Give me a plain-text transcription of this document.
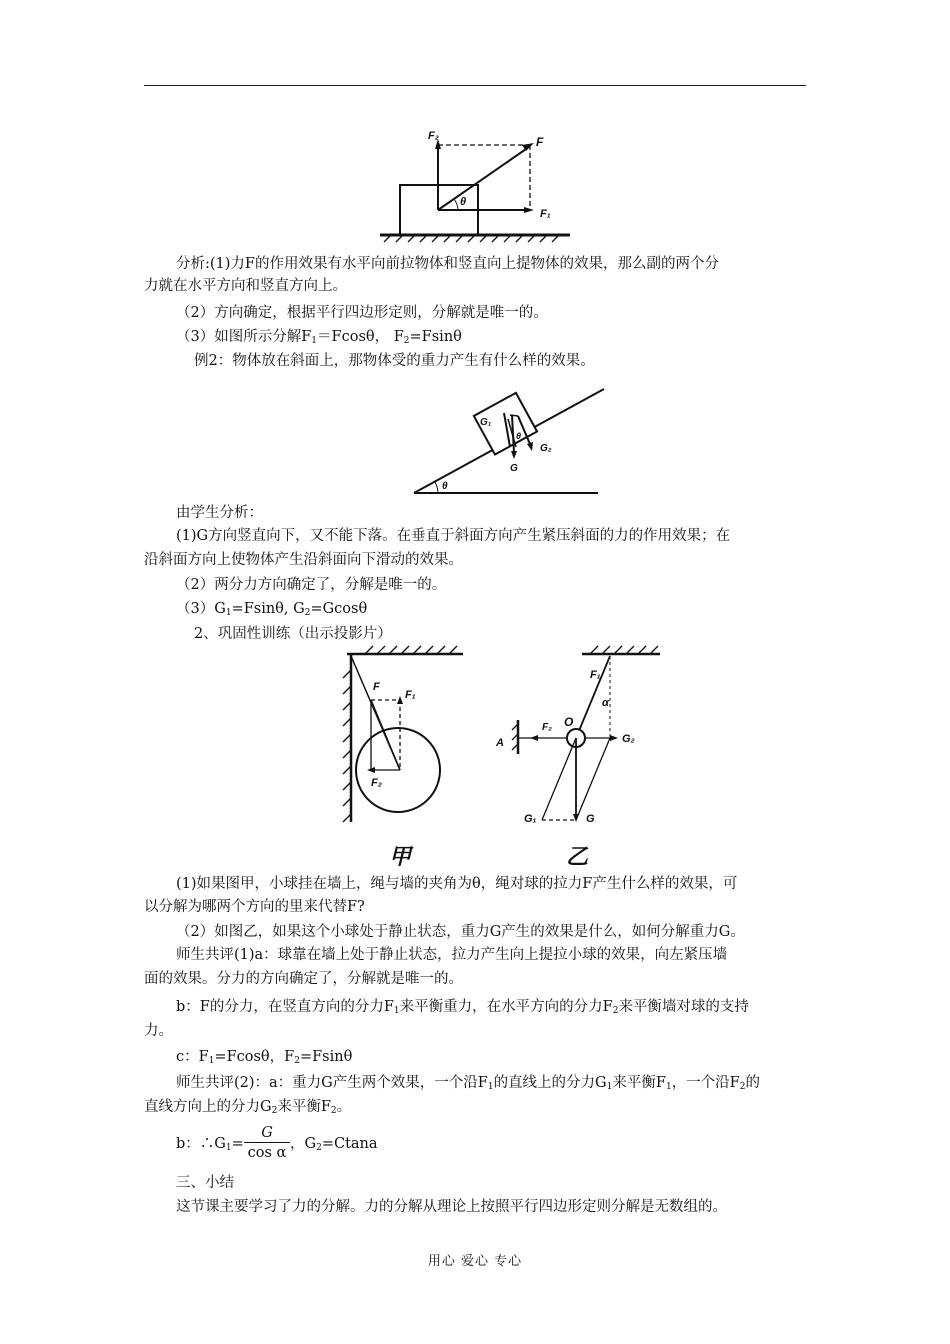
F₂	F
θ
F₁
分析:(1)力F的作用效果有水平向前拉物体和竖直向上提物体的效果，那么副的两个分
力就在水平方向和竖直方向上。
（2）方向确定，根据平行四边形定则，分解就是唯一的。
（3）如图所示分解$F_1=Fcos\theta$， $F_2=Fsin\theta$
例2：物体放在斜面上，那物体受的重力产生有什么样的效果。
θ
G₁
θ
G₂
G
由学生分析：
(1)G方向竖直向下，又不能下落。在垂直于斜面方向产生紧压斜面的力的作用效果；在
沿斜面方向上使物体产生沿斜面向下滑动的效果。
（2）两分力方向确定了，分解是唯一的。
$(3)G_1=Fsin\theta$, $G_2=Gcos\theta$
2、巩固性训练（出示投影片）
F
F₁
F₂
甲
F₁
α
F₂ O
G₂
A
G₁	G
乙
(1)如果图甲，小球挂在墙上，绳与墙的夹角为θ，绳对球的拉力F产生什么样的效果，可
以分解为哪两个方向的里来代替F?
（2）如图乙，如果这个小球处于静止状态，重力G产生的效果是什么，如何分解重力G。
师生共评(1)a：球靠在墙上处于静止状态，拉力产生向上提拉小球的效果，向左紧压墙
面的效果。分力的方向确定了，分解就是唯一的。
b：F的分力，在竖直方向的分力$F_1$来平衡重力，在水平方向的分力$F_2$来平衡墙对球的支持
力。
c：$F_1=Fcos\theta$，$F_2=Fsin\theta$
师生共评(2)：a：重力G产生两个效果，一个沿$F_1$的直线上的分力$G_1$来平衡$F_1$，一个沿$F_2$的
直线方向上的分力$G_2$来平衡$F_2$。
b：$\therefore G_1= \frac{G}{\text{cos α}}$ ，$G_2=Ctana$
三、小结
这节课主要学习了力的分解。力的分解从理论上按照平行四边形定则分解是无数组的。
用心 爱心 专心
